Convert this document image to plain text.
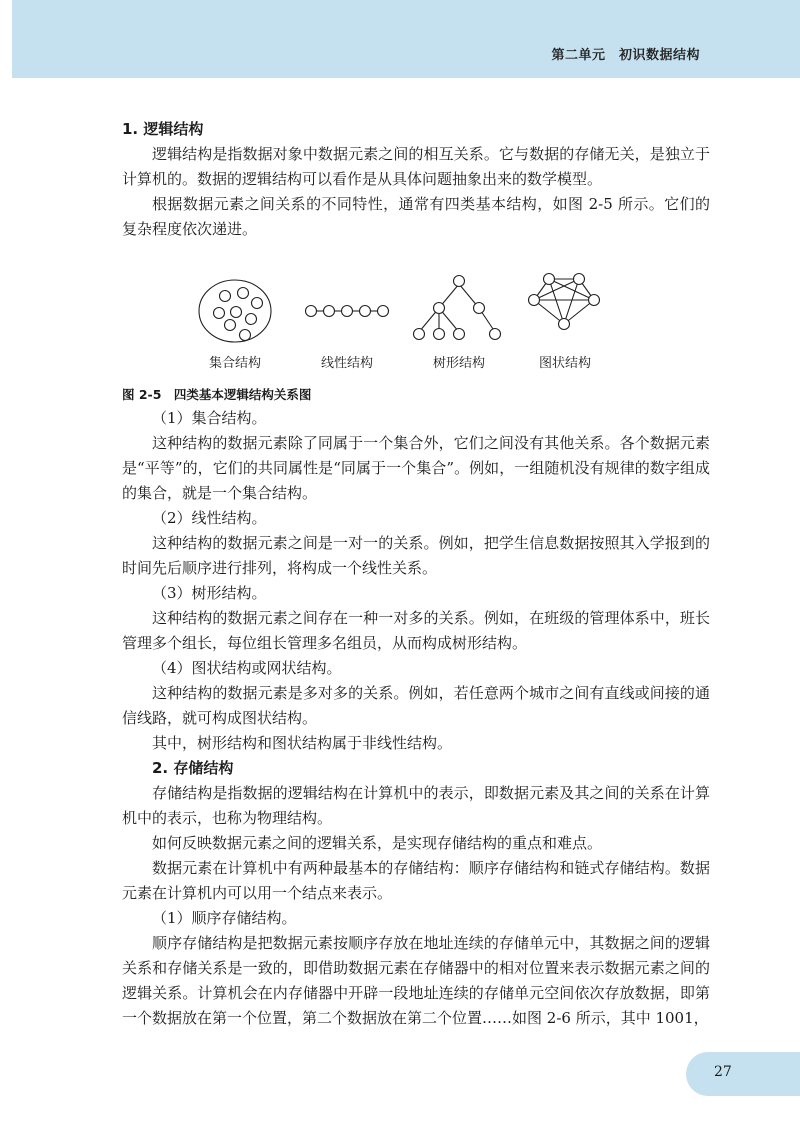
第二单元　初识数据结构

1. 逻辑结构

逻辑结构是指数据对象中数据元素之间的相互关系。它与数据的存储无关，是独立于计算机的。数据的逻辑结构可以看作是从具体问题抽象出来的数学模型。

根据数据元素之间关系的不同特性，通常有四类基本结构，如图 2-5 所示。它们的复杂程度依次递进。

集合结构	线性结构	树形结构	图状结构

图 2-5　四类基本逻辑结构关系图

（1）集合结构。

这种结构的数据元素除了同属于一个集合外，它们之间没有其他关系。各个数据元素是“平等”的，它们的共同属性是“同属于一个集合”。例如，一组随机没有规律的数字组成的集合，就是一个集合结构。

（2）线性结构。

这种结构的数据元素之间是一对一的关系。例如，把学生信息数据按照其入学报到的时间先后顺序进行排列，将构成一个线性关系。

（3）树形结构。

这种结构的数据元素之间存在一种一对多的关系。例如，在班级的管理体系中，班长管理多个组长，每位组长管理多名组员，从而构成树形结构。

（4）图状结构或网状结构。

这种结构的数据元素是多对多的关系。例如，若任意两个城市之间有直线或间接的通信线路，就可构成图状结构。

其中，树形结构和图状结构属于非线性结构。

2. 存储结构

存储结构是指数据的逻辑结构在计算机中的表示，即数据元素及其之间的关系在计算机中的表示，也称为物理结构。

如何反映数据元素之间的逻辑关系，是实现存储结构的重点和难点。

数据元素在计算机中有两种最基本的存储结构：顺序存储结构和链式存储结构。数据元素在计算机内可以用一个结点来表示。

（1）顺序存储结构。

顺序存储结构是把数据元素按顺序存放在地址连续的存储单元中，其数据之间的逻辑关系和存储关系是一致的，即借助数据元素在存储器中的相对位置来表示数据元素之间的逻辑关系。计算机会在内存储器中开辟一段地址连续的存储单元空间依次存放数据，即第一个数据放在第一个位置，第二个数据放在第二个位置……如图 2-6 所示，其中 1001，

27
